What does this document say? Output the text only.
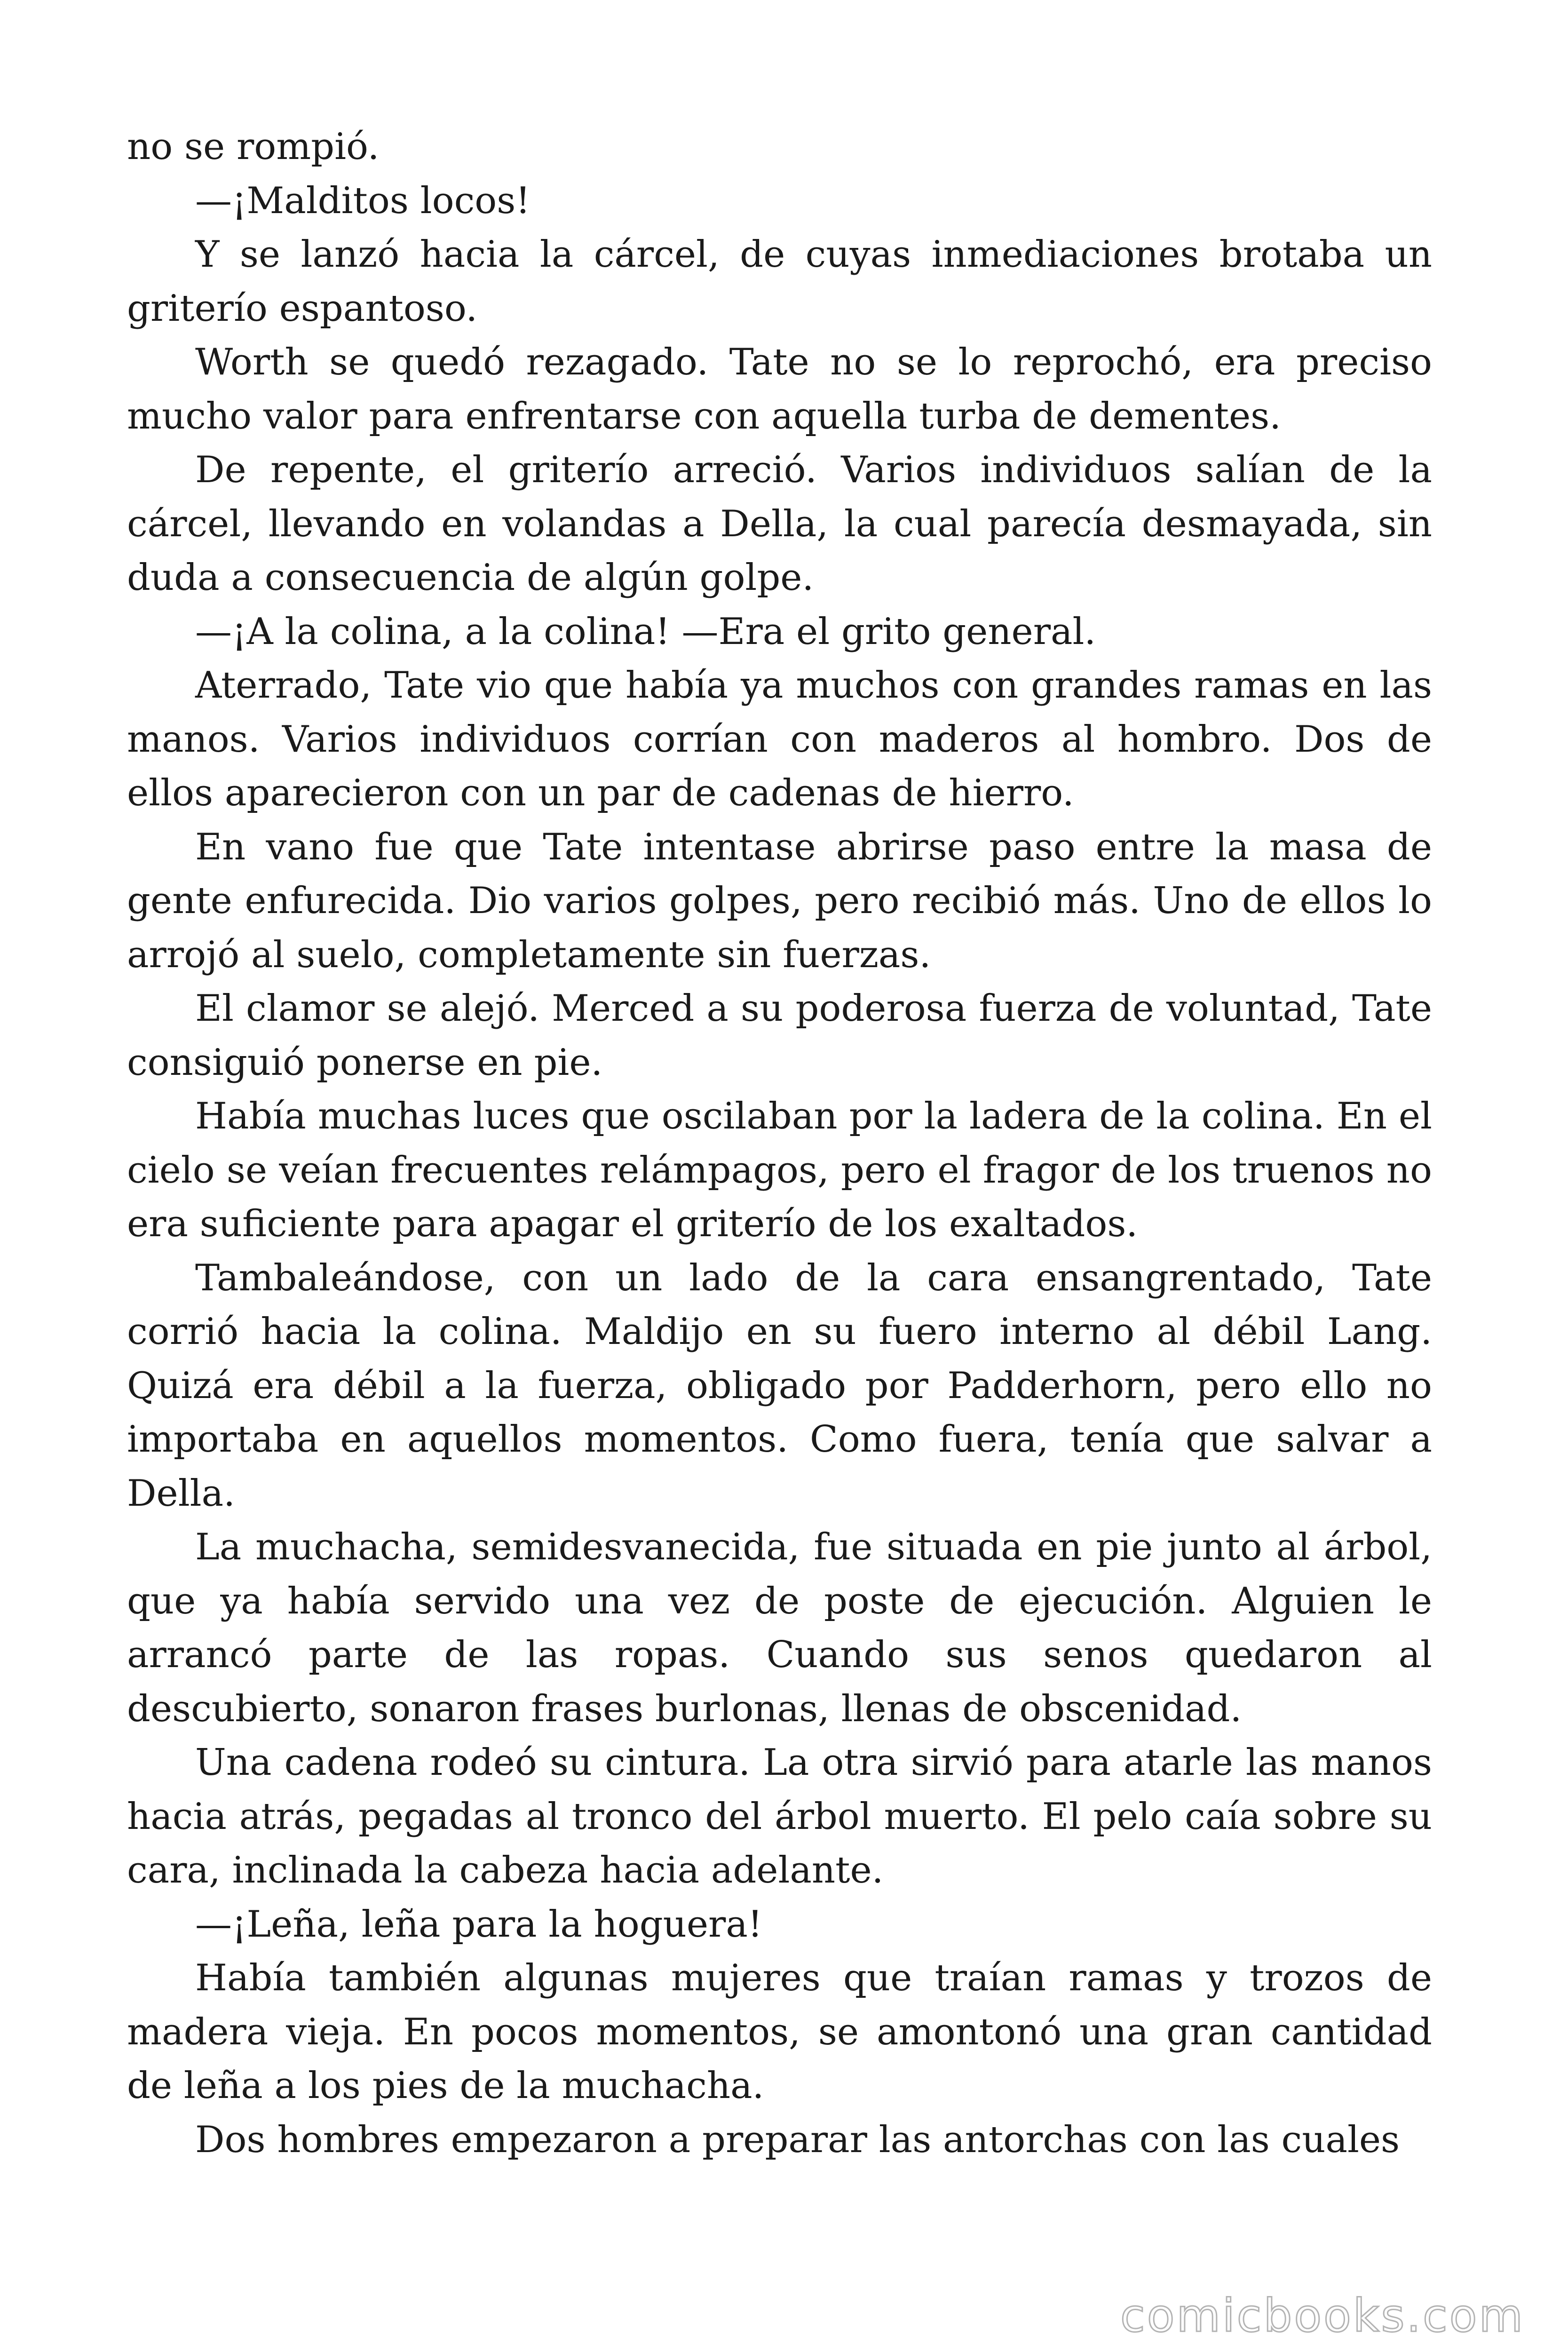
no se rompió.

—¡Malditos locos!

Y se lanzó hacia la cárcel, de cuyas inmediaciones brotaba un griterío espantoso.

Worth se quedó rezagado. Tate no se lo reprochó, era preciso mucho valor para enfrentarse con aquella turba de dementes.

De repente, el griterío arreció. Varios individuos salían de la cárcel, llevando en volandas a Della, la cual parecía desmayada, sin duda a consecuencia de algún golpe.

—¡A la colina, a la colina! —Era el grito general.

Aterrado, Tate vio que había ya muchos con grandes ramas en las manos. Varios individuos corrían con maderos al hombro. Dos de ellos aparecieron con un par de cadenas de hierro.

En vano fue que Tate intentase abrirse paso entre la masa de gente enfurecida. Dio varios golpes, pero recibió más. Uno de ellos lo arrojó al suelo, completamente sin fuerzas.

El clamor se alejó. Merced a su poderosa fuerza de voluntad, Tate consiguió ponerse en pie.

Había muchas luces que oscilaban por la ladera de la colina. En el cielo se veían frecuentes relámpagos, pero el fragor de los truenos no era suficiente para apagar el griterío de los exaltados.

Tambaleándose, con un lado de la cara ensangrentado, Tate corrió hacia la colina. Maldijo en su fuero interno al débil Lang. Quizá era débil a la fuerza, obligado por Padderhorn, pero ello no importaba en aquellos momentos. Como fuera, tenía que salvar a Della.

La muchacha, semidesvanecida, fue situada en pie junto al árbol, que ya había servido una vez de poste de ejecución. Alguien le arrancó parte de las ropas. Cuando sus senos quedaron al descubierto, sonaron frases burlonas, llenas de obscenidad.

Una cadena rodeó su cintura. La otra sirvió para atarle las manos hacia atrás, pegadas al tronco del árbol muerto. El pelo caía sobre su cara, inclinada la cabeza hacia adelante.

—¡Leña, leña para la hoguera!

Había también algunas mujeres que traían ramas y trozos de madera vieja. En pocos momentos, se amontonó una gran cantidad de leña a los pies de la muchacha.

Dos hombres empezaron a preparar las antorchas con las cuales

comicbooks.com
